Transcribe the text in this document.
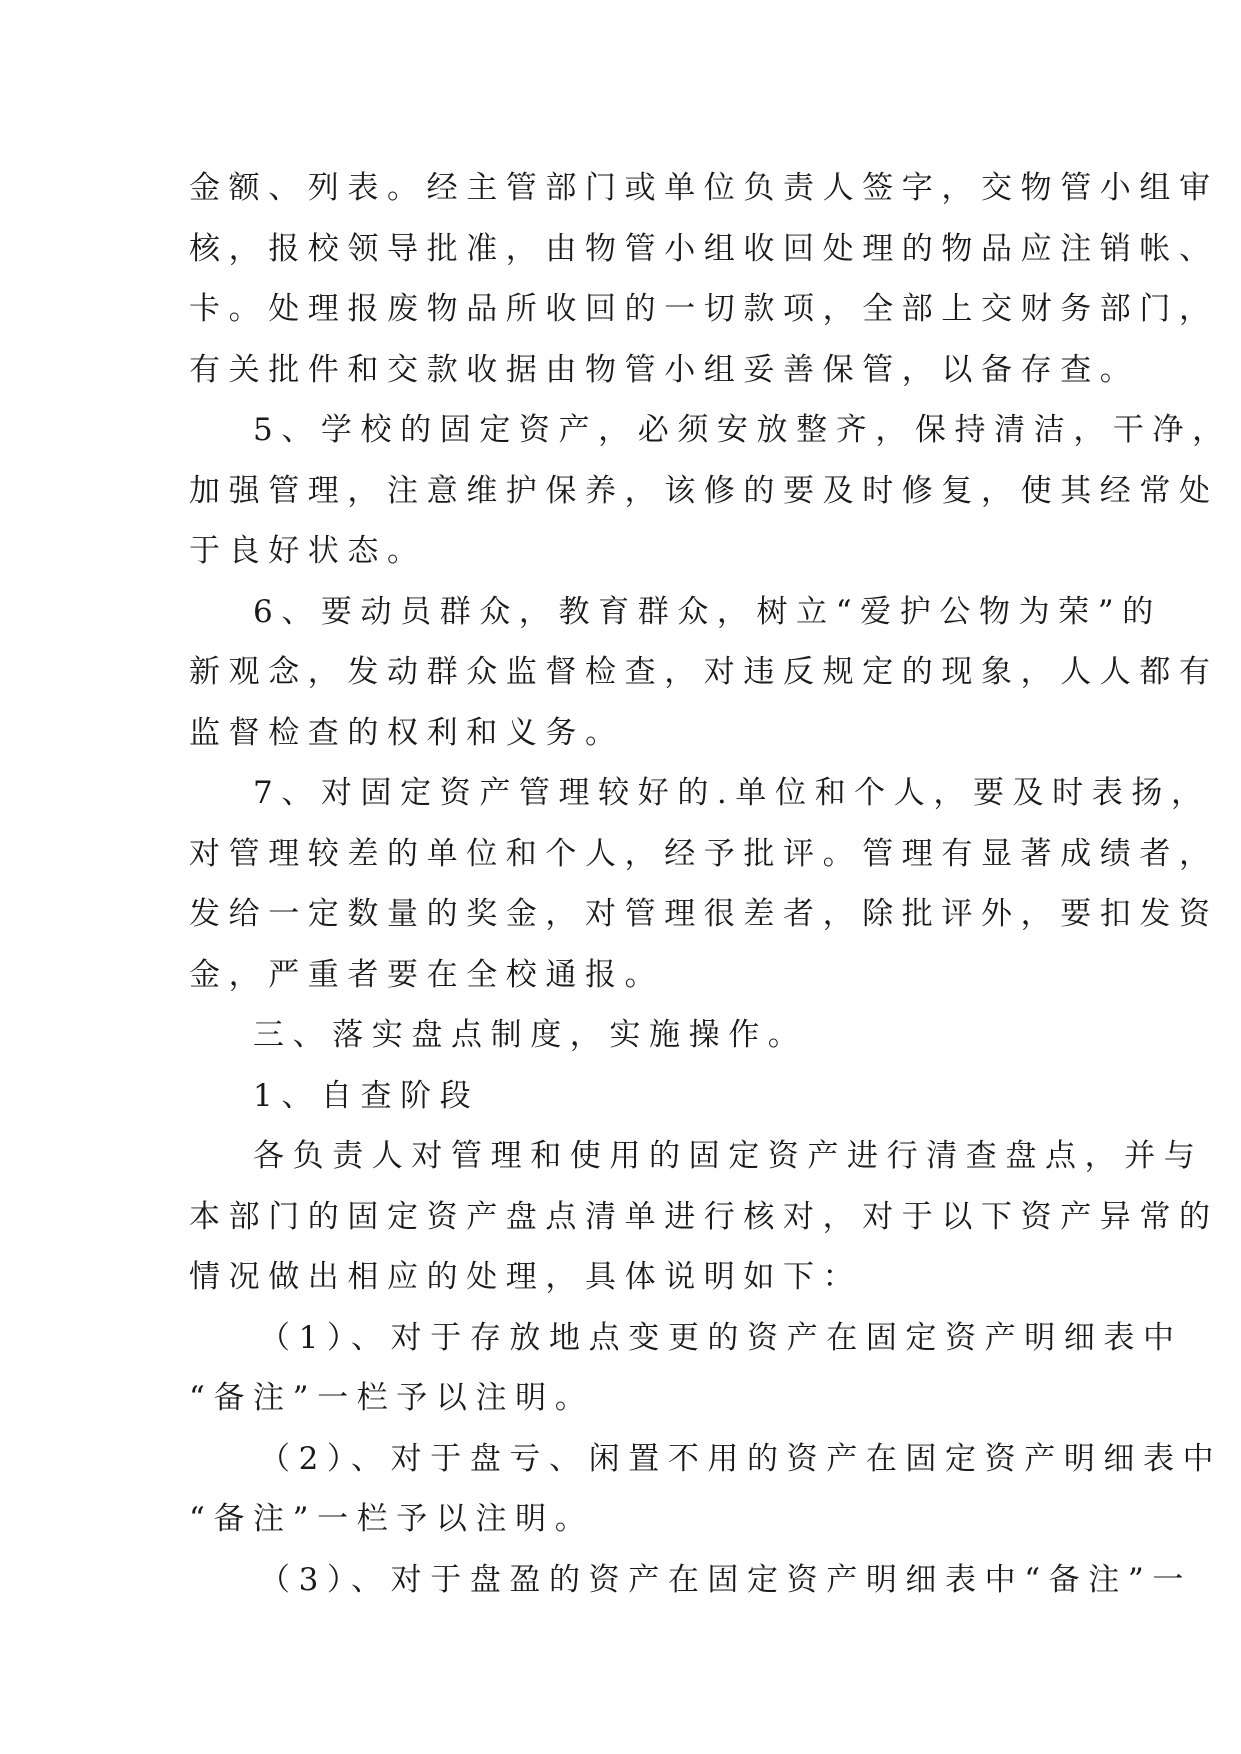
金额、列表。经主管部门或单位负责人签字，交物管小组审
核，报校领导批准，由物管小组收回处理的物品应注销帐、
卡。处理报废物品所收回的一切款项，全部上交财务部门，
有关批件和交款收据由物管小组妥善保管，以备存查。
5、学校的固定资产，必须安放整齐，保持清洁，干净，
加强管理，注意维护保养，该修的要及时修复，使其经常处
于良好状态。
6、要动员群众，教育群众，树立“爱护公物为荣”的
新观念，发动群众监督检查，对违反规定的现象，人人都有
监督检查的权利和义务。
7、对固定资产管理较好的.单位和个人，要及时表扬，
对管理较差的单位和个人，经予批评。管理有显著成绩者，
发给一定数量的奖金，对管理很差者，除批评外，要扣发资
金，严重者要在全校通报。
三、落实盘点制度，实施操作。
1、自查阶段
各负责人对管理和使用的固定资产进行清查盘点，并与
本部门的固定资产盘点清单进行核对，对于以下资产异常的
情况做出相应的处理，具体说明如下：
（1）、对于存放地点变更的资产在固定资产明细表中
“备注”一栏予以注明。
（2）、对于盘亏、闲置不用的资产在固定资产明细表中
“备注”一栏予以注明。
（3）、对于盘盈的资产在固定资产明细表中“备注”一
